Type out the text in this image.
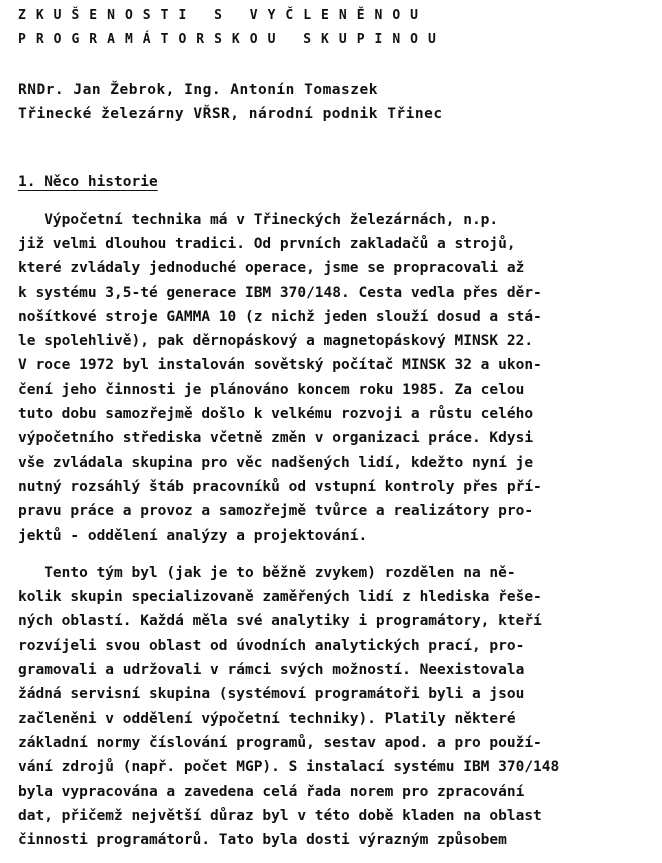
ZKUŠENOSTI S VYČLENĚNOU
PROGRAMÁTORSKOU SKUPINOU
RNDr. Jan Žebrok, Ing. Antonín Tomaszek
Třinecké železárny VŘSR, národní podnik Třinec
1. Něco historie
Výpočetní technika má v Třineckých železárnách, n.p.
již velmi dlouhou tradici. Od prvních zakladačů a strojů,
které zvládaly jednoduché operace, jsme se propracovali až
k systému 3,5-té generace IBM 370/148. Cesta vedla přes děr-
nošítkové stroje GAMMA 10 (z nichž jeden slouží dosud a stá-
le spolehlivě), pak děrnopáskový a magnetopáskový MINSK 22.
V roce 1972 byl instalován sovětský počítač MINSK 32 a ukon-
čení jeho činnosti je plánováno koncem roku 1985. Za celou
tuto dobu samozřejmě došlo k velkému rozvoji a růstu celého
výpočetního střediska včetně změn v organizaci práce. Kdysi
vše zvládala skupina pro věc nadšených lidí, kdežto nyní je
nutný rozsáhlý štáb pracovníků od vstupní kontroly přes pří-
pravu práce a provoz a samozřejmě tvůrce a realizátory pro-
jektů - oddělení analýzy a projektování.
Tento tým byl (jak je to běžně zvykem) rozdělen na ně-
kolik skupin specializovaně zaměřených lidí z hlediska řeše-
ných oblastí. Každá měla své analytiky i programátory, kteří
rozvíjeli svou oblast od úvodních analytických prací, pro-
gramovali a udržovali v rámci svých možností. Neexistovala
žádná servisní skupina (systémoví programátoři byli a jsou
začleněni v oddělení výpočetní techniky). Platily některé
základní normy číslování programů, sestav apod. a pro použí-
vání zdrojů (např. počet MGP). S instalací systému IBM 370/148
byla vypracována a zavedena celá řada norem pro zpracování
dat, přičemž největší důraz byl v této době kladen na oblast
činnosti programátorů. Tato byla dosti výrazným způsobem
